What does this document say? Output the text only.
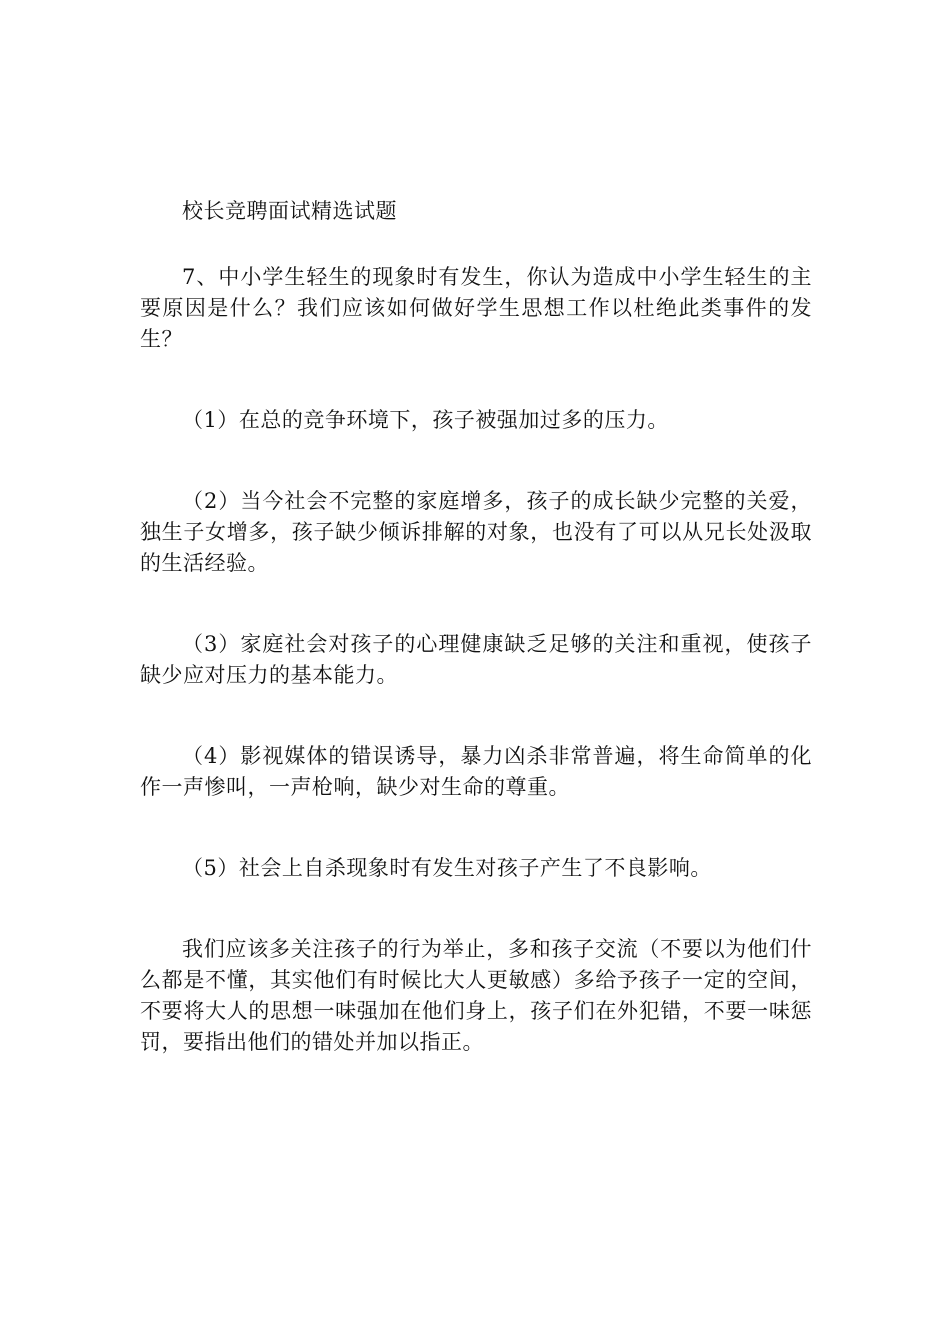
校长竞聘面试精选试题

7、中小学生轻生的现象时有发生，你认为造成中小学生轻生的主要原因是什么？我们应该如何做好学生思想工作以杜绝此类事件的发生？

（1）在总的竞争环境下，孩子被强加过多的压力。

（2）当今社会不完整的家庭增多，孩子的成长缺少完整的关爱，独生子女增多，孩子缺少倾诉排解的对象，也没有了可以从兄长处汲取的生活经验。

（3）家庭社会对孩子的心理健康缺乏足够的关注和重视，使孩子缺少应对压力的基本能力。

（4）影视媒体的错误诱导，暴力凶杀非常普遍，将生命简单的化作一声惨叫，一声枪响，缺少对生命的尊重。

（5）社会上自杀现象时有发生对孩子产生了不良影响。

我们应该多关注孩子的行为举止，多和孩子交流（不要以为他们什么都是不懂，其实他们有时候比大人更敏感）多给予孩子一定的空间，不要将大人的思想一味强加在他们身上，孩子们在外犯错，不要一味惩罚，要指出他们的错处并加以指正。
